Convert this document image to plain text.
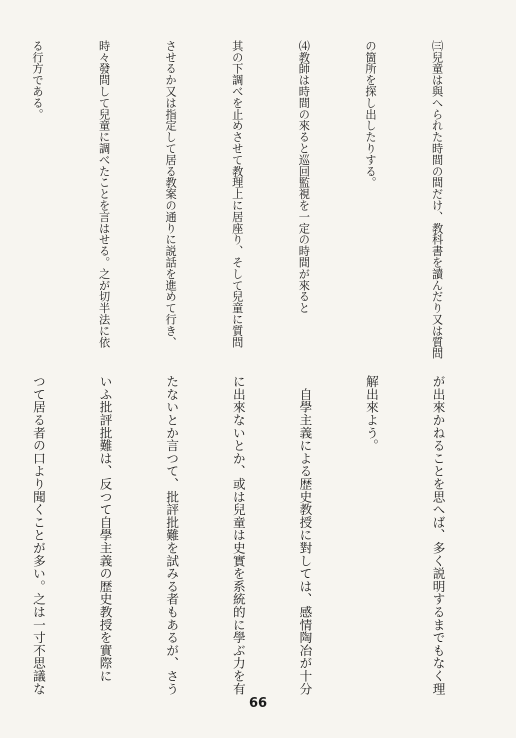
㈢兒童は與へられた時間の間だけ、教科書を讀んだり又は質問

の箇所を探し出したりする。

⑷教師は時間の來ると巡回監視を一定の時間が來ると

其の下調べを止めさせて教理上に居座り、そして兒童に質問

させるか又は指定して居る教案の通りに説話を進めて行き、

時々發問して兒童に調べたことを言はせる。之が切半法に依

る行方である。

が出來かねることを思へば、多く説明するまでもなく理

解出來よう。

　自學主義による歴史教授に對しては、感情陶冶が十分

に出來ないとか、或は兒童は史實を系統的に學ぶ力を有

たないとか言つて、批評批難を試みる者もあるが、さう

いふ批評批難は、反つて自學主義の歴史教授を實際に

つて居る者の口より聞くことが多い。之は一寸不思議な

66
